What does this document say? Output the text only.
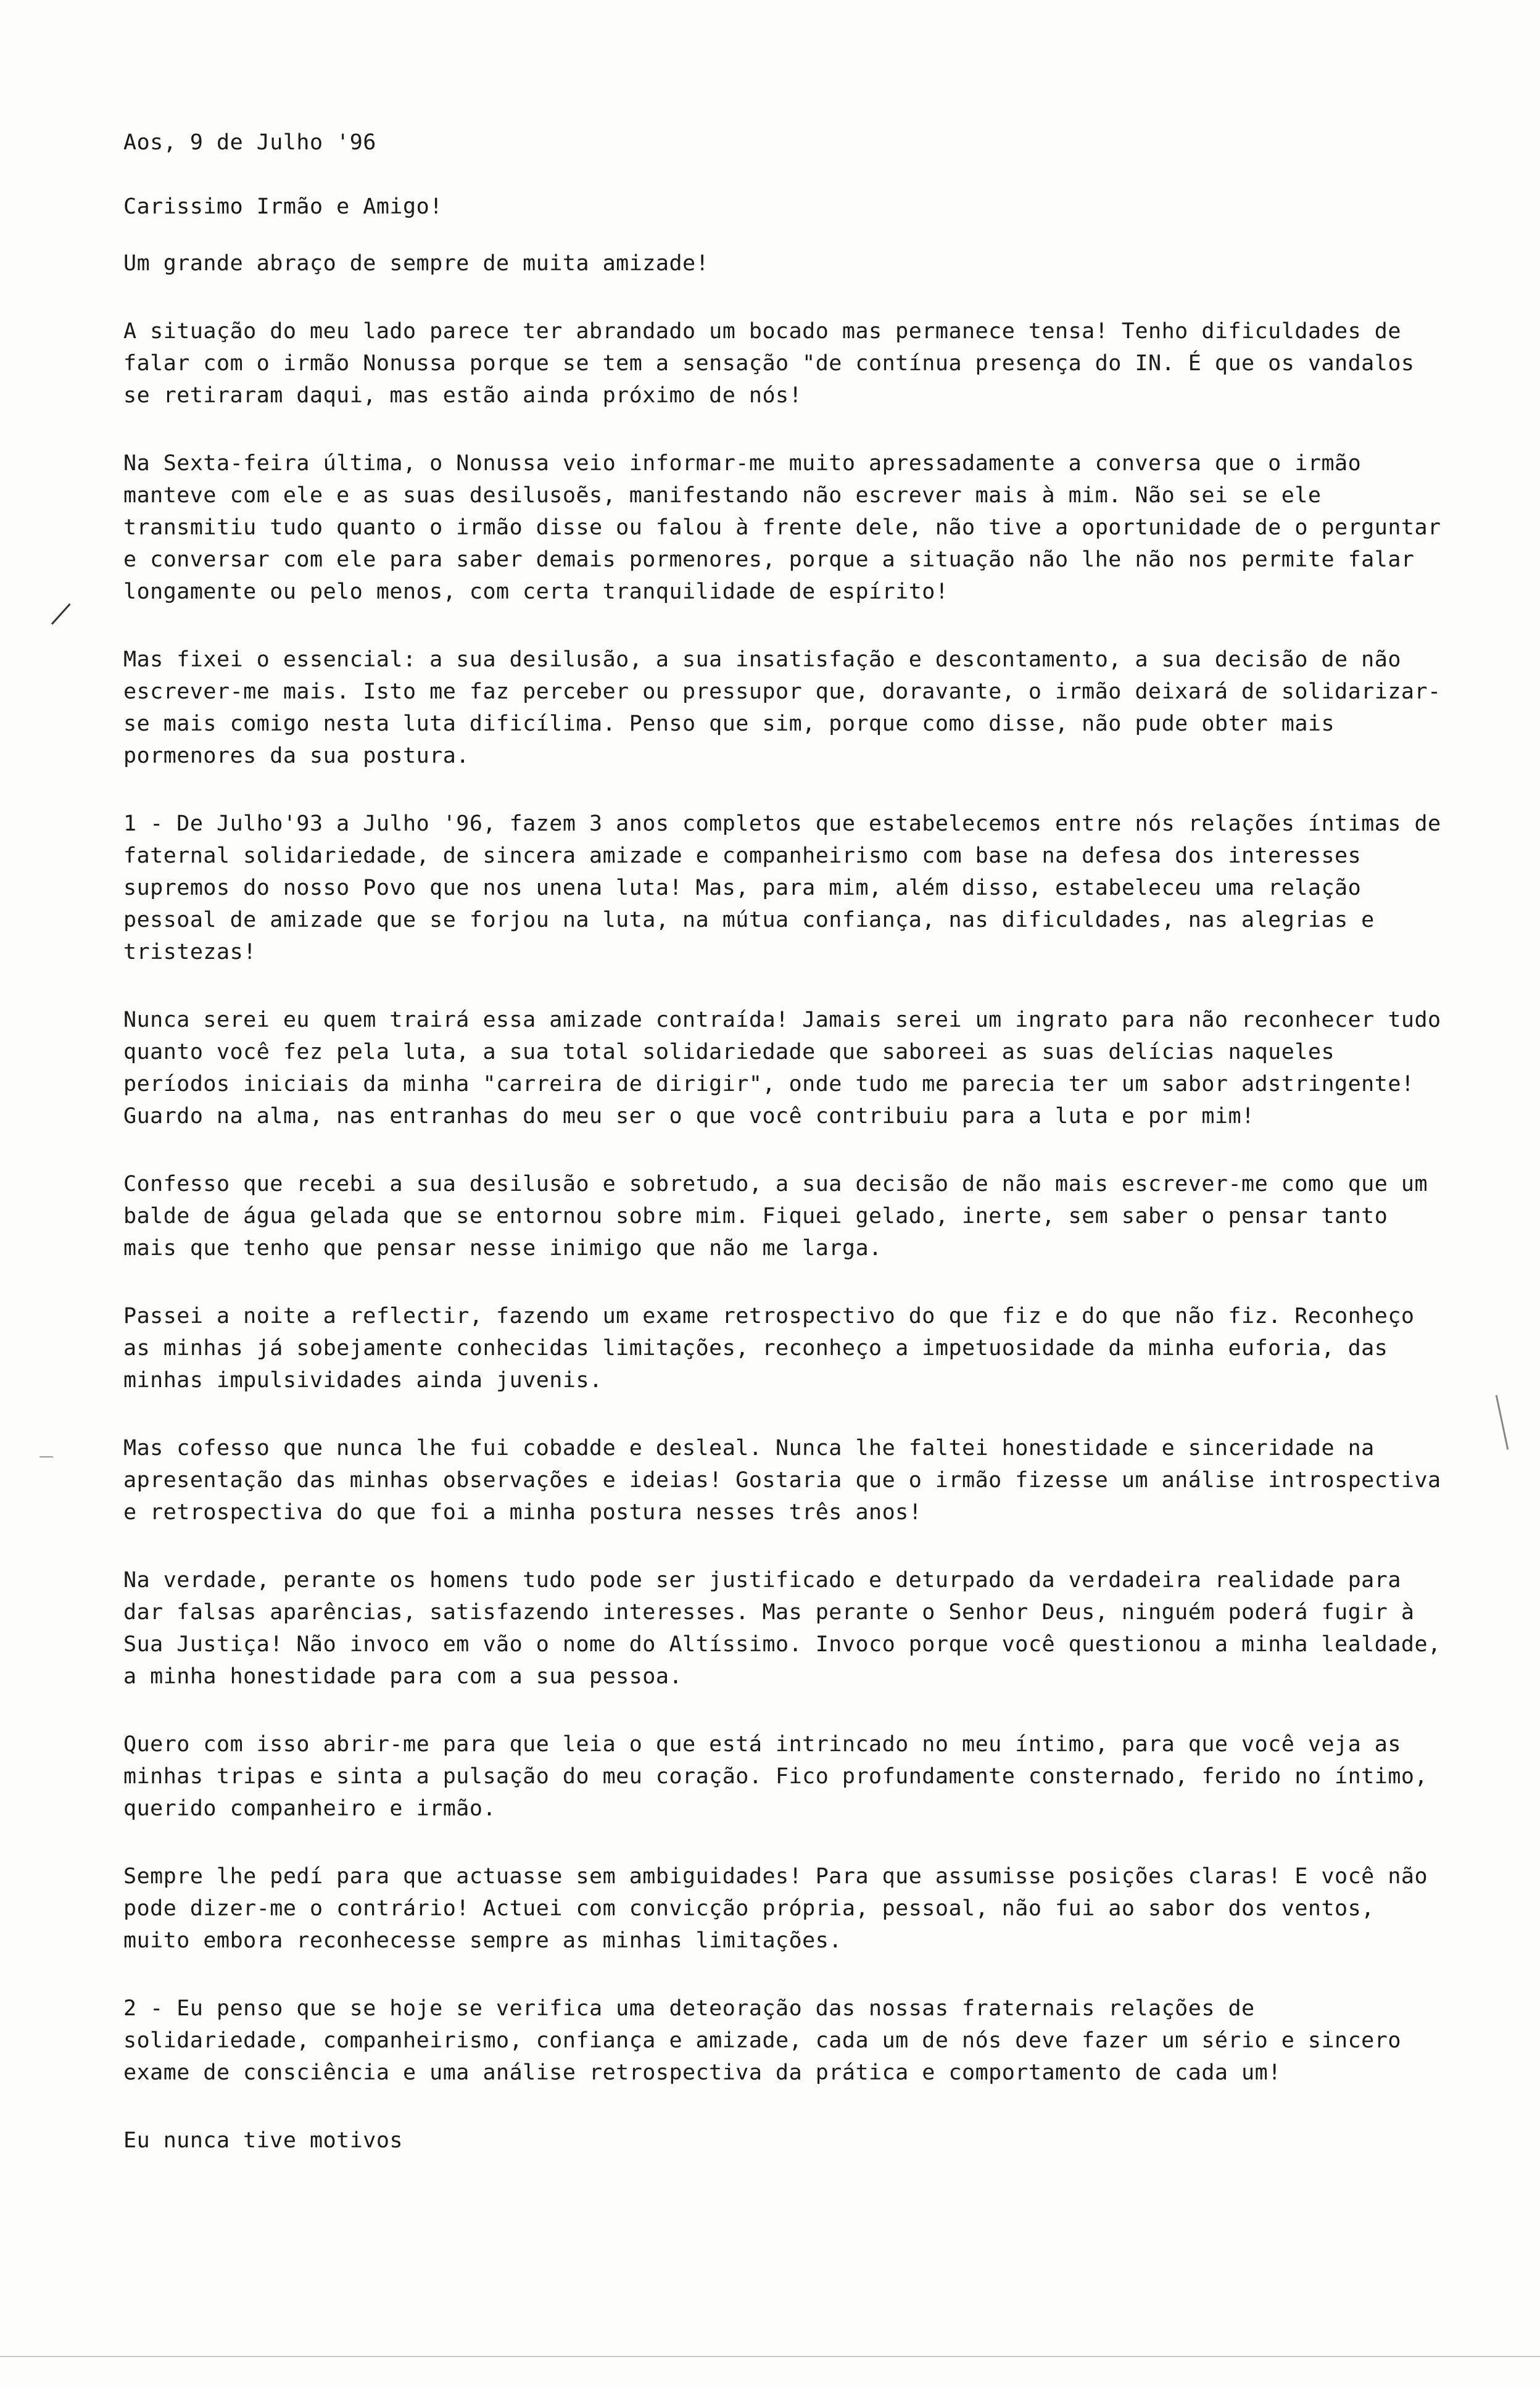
Aos, 9 de Julho '96

Carissimo Irmão e Amigo!

Um grande abraço de sempre de muita amizade!

A situação do meu lado parece ter abrandado um bocado mas permanece tensa! Tenho dificuldades de falar com o irmão Nonussa porque se tem a sensação "de contínua presença do IN. É que os vandalos se retiraram daqui, mas estão ainda próximo de nós!

Na Sexta-feira última, o Nonussa veio informar-me muito apressadamente a conversa que o irmão manteve com ele e as suas desilusoẽs, manifestando não escrever mais à mim. Não sei se ele transmitiu tudo quanto o irmão disse ou falou à frente dele, não tive a oportunidade de o perguntar e conversar com ele para saber demais pormenores, porque a situação não lhe não nos permite falar longamente ou pelo menos, com certa tranquilidade de espírito!

Mas fixei o essencial: a sua desilusão, a sua insatisfação e descontamento, a sua decisão de não escrever-me mais. Isto me faz perceber ou pressupor que, doravante, o irmão deixará de solidarizar-se mais comigo nesta luta dificílima. Penso que sim, porque como disse, não pude obter mais pormenores da sua postura.

1 - De Julho'93 a Julho '96, fazem 3 anos completos que estabelecemos entre nós relações íntimas de faternal solidariedade, de sincera amizade e companheirismo com base na defesa dos interesses supremos do nosso Povo que nos unena luta! Mas, para mim, além disso, estabeleceu uma relação pessoal de amizade que se forjou na luta, na mútua confiança, nas dificuldades, nas alegrias e tristezas!

Nunca serei eu quem trairá essa amizade contraída! Jamais serei um ingrato para não reconhecer tudo quanto você fez pela luta, a sua total solidariedade que saboreei as suas delícias naqueles períodos iniciais da minha "carreira de dirigir", onde tudo me parecia ter um sabor adstringente! Guardo na alma, nas entranhas do meu ser o que você contribuiu para a luta e por mim!

Confesso que recebi a sua desilusão e sobretudo, a sua decisão de não mais escrever-me como que um balde de água gelada que se entornou sobre mim. Fiquei gelado, inerte, sem saber o pensar tanto mais que tenho que pensar nesse inimigo que não me larga.

Passei a noite a reflectir, fazendo um exame retrospectivo do que fiz e do que não fiz. Reconheço as minhas já sobejamente conhecidas limitações, reconheço a impetuosidade da minha euforia, das minhas impulsividades ainda juvenis.

Mas cofesso que nunca lhe fui cobadde e desleal. Nunca lhe faltei honestidade e sinceridade na apresentação das minhas observações e ideias! Gostaria que o irmão fizesse um análise introspectiva e retrospectiva do que foi a minha postura nesses três anos!

Na verdade, perante os homens tudo pode ser justificado e deturpado da verdadeira realidade para dar falsas aparências, satisfazendo interesses. Mas perante o Senhor Deus, ninguém poderá fugir à Sua Justiça! Não invoco em vão o nome do Altíssimo. Invoco porque você questionou a minha lealdade, a minha honestidade para com a sua pessoa.

Quero com isso abrir-me para que leia o que está intrincado no meu íntimo, para que você veja as minhas tripas e sinta a pulsação do meu coração. Fico profundamente consternado, ferido no íntimo, querido companheiro e irmão.

Sempre lhe pedí para que actuasse sem ambiguidades! Para que assumisse posições claras! E você não pode dizer-me o contrário! Actuei com convicção própria, pessoal, não fui ao sabor dos ventos, muito embora reconhecesse sempre as minhas limitações.

2 - Eu penso que se hoje se verifica uma deteoração das nossas fraternais relações de solidariedade, companheirismo, confiança e amizade, cada um de nós deve fazer um sério e sincero exame de consciência e uma análise retrospectiva da prática e comportamento de cada um!

Eu nunca tive motivos
